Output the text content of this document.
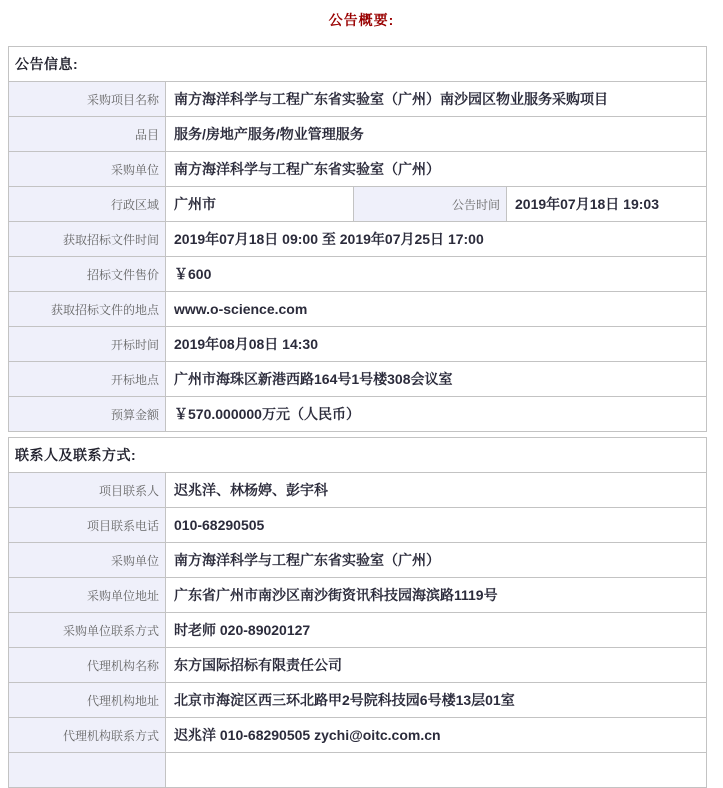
公告概要:
公告信息:			
采购项目名称	南方海洋科学与工程广东省实验室（广州）南沙园区物业服务采购项目		
品目	服务/房地产服务/物业管理服务		
采购单位	南方海洋科学与工程广东省实验室（广州）		
行政区域	广州市	公告时间	2019年07月18日 19:03
获取招标文件时间	2019年07月18日 09:00 至 2019年07月25日 17:00		
招标文件售价	￥600		
获取招标文件的地点	www.o-science.com		
开标时间	2019年08月08日 14:30		
开标地点	广州市海珠区新港西路164号1号楼308会议室		
预算金额	￥570.000000万元（人民币）		
联系人及联系方式:	
项目联系人	迟兆洋、林杨婷、彭宇科
项目联系电话	010-68290505
采购单位	南方海洋科学与工程广东省实验室（广州）
采购单位地址	广东省广州市南沙区南沙街资讯科技园海滨路1119号
采购单位联系方式	时老师 020-89020127
代理机构名称	东方国际招标有限责任公司
代理机构地址	北京市海淀区西三环北路甲2号院科技园6号楼13层01室
代理机构联系方式	迟兆洋 010-68290505 zychi@oitc.com.cn
